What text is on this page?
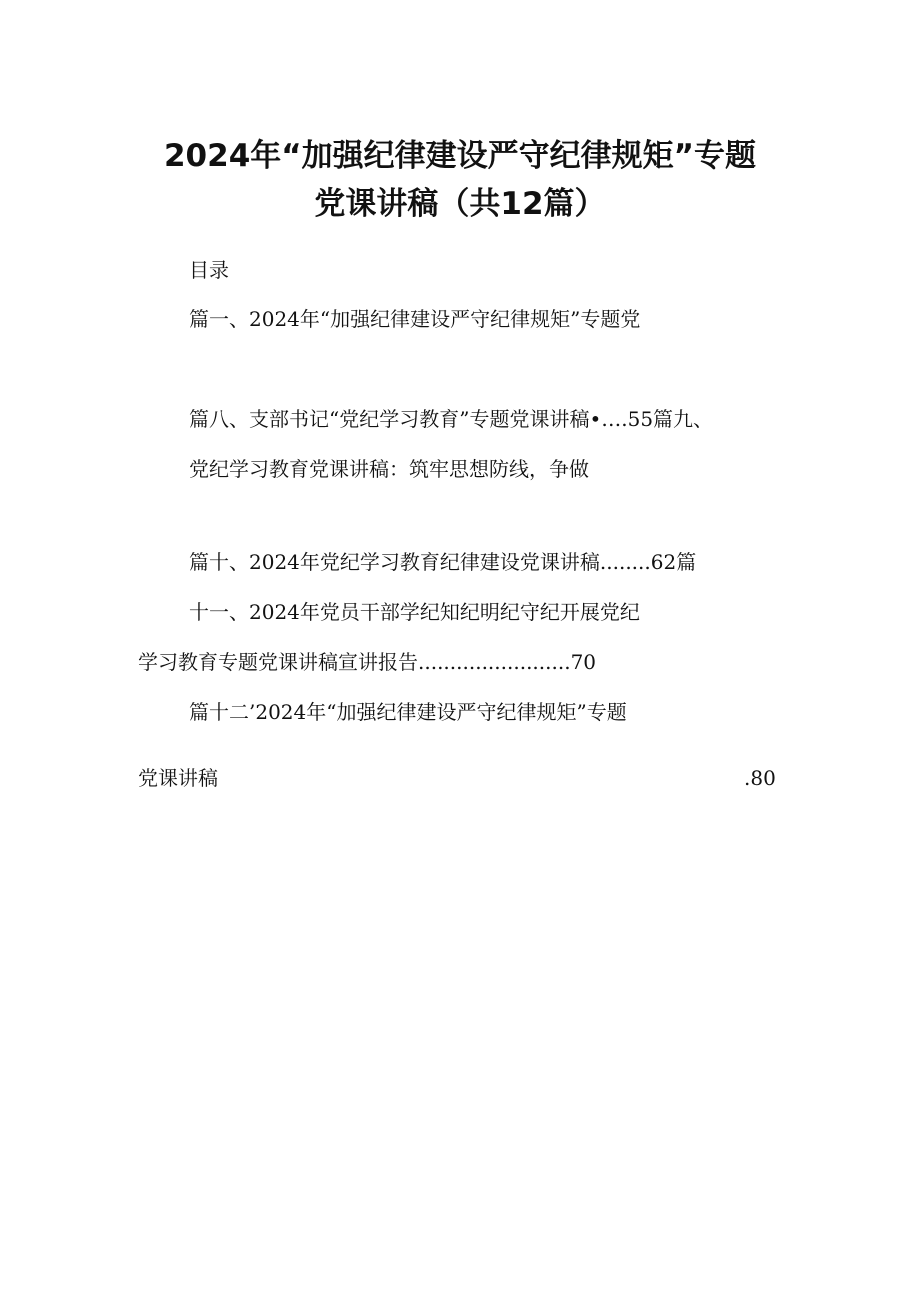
2024年“加强纪律建设严守纪律规矩”专题
党课讲稿（共12篇）

目录

篇一、2024年“加强纪律建设严守纪律规矩”专题党

篇八、支部书记“党纪学习教育”专题党课讲稿•….55篇九、

党纪学习教育党课讲稿：筑牢思想防线，争做

篇十、2024年党纪学习教育纪律建设党课讲稿........62篇

十一、2024年党员干部学纪知纪明纪守纪开展党纪

学习教育专题党课讲稿宣讲报告........................70

篇十二’2024年“加强纪律建设严守纪律规矩”专题

党课讲稿	.80
